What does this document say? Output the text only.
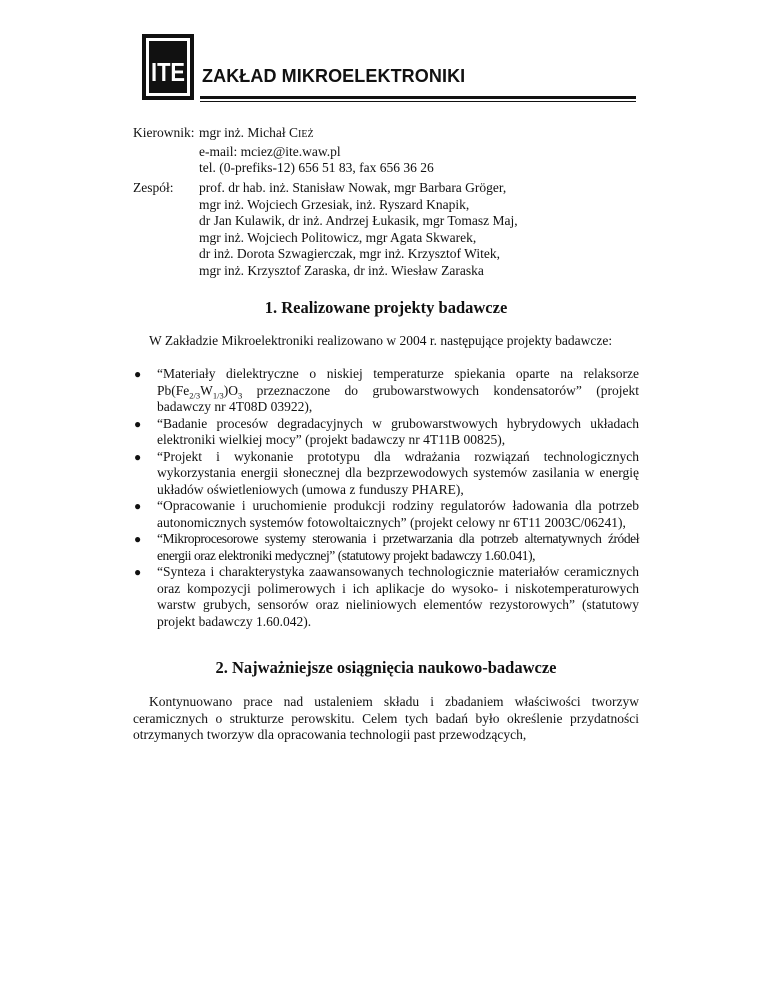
ITE ZAKŁAD MIKROELEKTRONIKI
Kierownik: mgr inż. Michał CIEŻ
e-mail: mciez@ite.waw.pl
tel. (0-prefiks-12) 656 51 83, fax 656 36 26
Zespół: prof. dr hab. inż. Stanisław Nowak, mgr Barbara Gröger,
mgr inż. Wojciech Grzesiak, inż. Ryszard Knapik,
dr Jan Kulawik, dr inż. Andrzej Łukasik, mgr Tomasz Maj,
mgr inż. Wojciech Politowicz, mgr Agata Skwarek,
dr inż. Dorota Szwagierczak, mgr inż. Krzysztof Witek,
mgr inż. Krzysztof Zaraska, dr inż. Wiesław Zaraska
1. Realizowane projekty badawcze

W Zakładzie Mikroelektroniki realizowano w 2004 r. następujące projekty badawcze:

● “Materiały dielektryczne o niskiej temperaturze spiekania oparte na relaksorze $Pb(Fe_{2/3}W_{1/3})O_3$ przeznaczone do grubowarstwowych kondensatorów” (projekt badawczy nr 4T08D 03922),
● “Badanie procesów degradacyjnych w grubowarstwowych hybrydowych układach elektroniki wielkiej mocy” (projekt badawczy nr 4T11B 00825),
● “Projekt i wykonanie prototypu dla wdrażania rozwiązań technologicznych wykorzystania energii słonecznej dla bezprzewodowych systemów zasilania w energię układów oświetleniowych (umowa z funduszy PHARE),
● “Opracowanie i uruchomienie produkcji rodziny regulatorów ładowania dla potrzeb autonomicznych systemów fotowoltaicznych” (projekt celowy nr 6T11 2003C/06241),
● “Mikroprocesorowe systemy sterowania i przetwarzania dla potrzeb alternatywnych źródeł energii oraz elektroniki medycznej” (statutowy projekt badawczy 1.60.041),
● “Synteza i charakterystyka zaawansowanych technologicznie materiałów ceramicznych oraz kompozycji polimerowych i ich aplikacje do wysoko- i niskotemperaturowych warstw grubych, sensorów oraz nieliniowych elementów rezystorowych” (statutowy projekt badawczy 1.60.042).
2. Najważniejsze osiągnięcia naukowo-badawcze

Kontynuowano prace nad ustaleniem składu i zbadaniem właściwości tworzyw ceramicznych o strukturze perowskitu. Celem tych badań było określenie przydatności otrzymanych tworzyw dla opracowania technologii past przewodzących,
